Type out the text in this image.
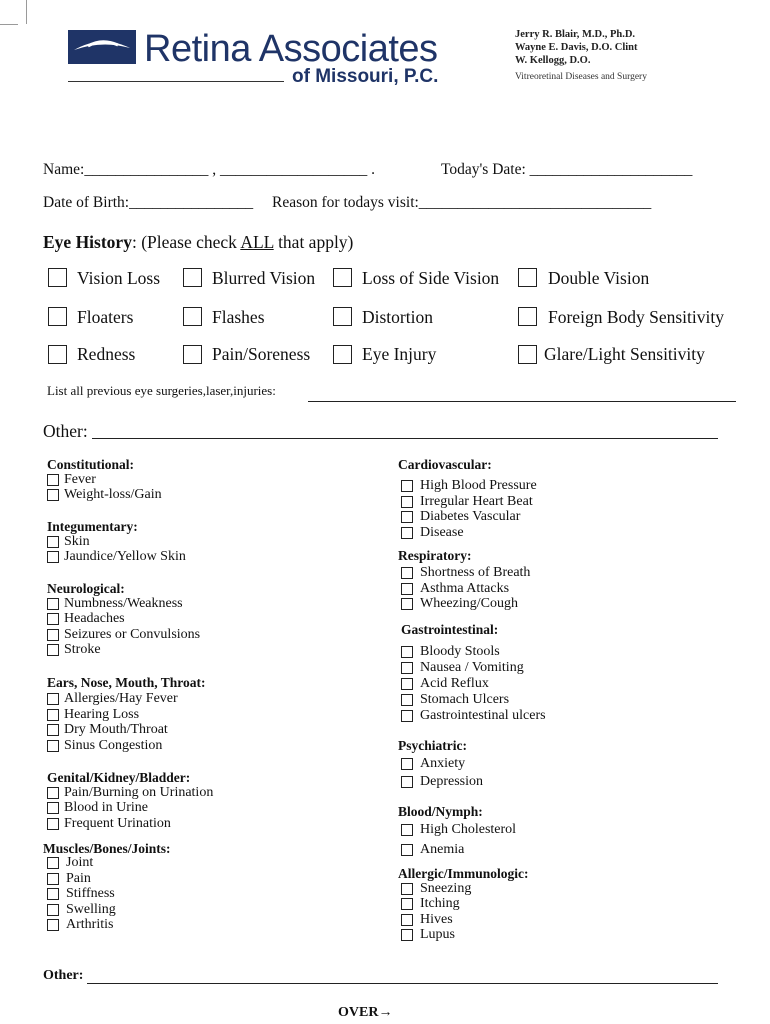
Retina Associates
of Missouri, P.C.
Jerry R. Blair, M.D., Ph.D.
Wayne E. Davis, D.O. Clint
W. Kellogg, D.O.
Vitreoretinal Diseases and Surgery
Name:________________ , ___________________ .	Today's Date: _____________________
Date of Birth:________________ Reason for todays visit:______________________________
Eye History: (Please check ALL that apply)
Vision Loss	Blurred Vision	Loss of Side Vision	Double Vision
Floaters	Flashes	Distortion	Foreign Body Sensitivity
Redness	Pain/Soreness	Eye Injury	Glare/Light Sensitivity
List all previous eye surgeries,laser,injuries:
Other:
Constitutional:
Fever
Weight-loss/Gain
Integumentary:
Skin
Jaundice/Yellow Skin
Neurological:
Numbness/Weakness
Headaches
Seizures or Convulsions
Stroke
Ears, Nose, Mouth, Throat:
Allergies/Hay Fever
Hearing Loss
Dry Mouth/Throat
Sinus Congestion
Genital/Kidney/Bladder:
Pain/Burning on Urination
Blood in Urine
Frequent Urination
Muscles/Bones/Joints:
Joint
Pain
Stiffness
Swelling
Arthritis
Cardiovascular:
High Blood Pressure
Irregular Heart Beat
Diabetes Vascular
Disease
Respiratory:
Shortness of Breath
Asthma Attacks
Wheezing/Cough
Gastrointestinal:
Bloody Stools
Nausea / Vomiting
Acid Reflux
Stomach Ulcers
Gastrointestinal ulcers
Psychiatric:
Anxiety
Depression
Blood/Nymph:
High Cholesterol
Anemia
Allergic/Immunologic:
Sneezing
Itching
Hives
Lupus
Other:
OVER→
